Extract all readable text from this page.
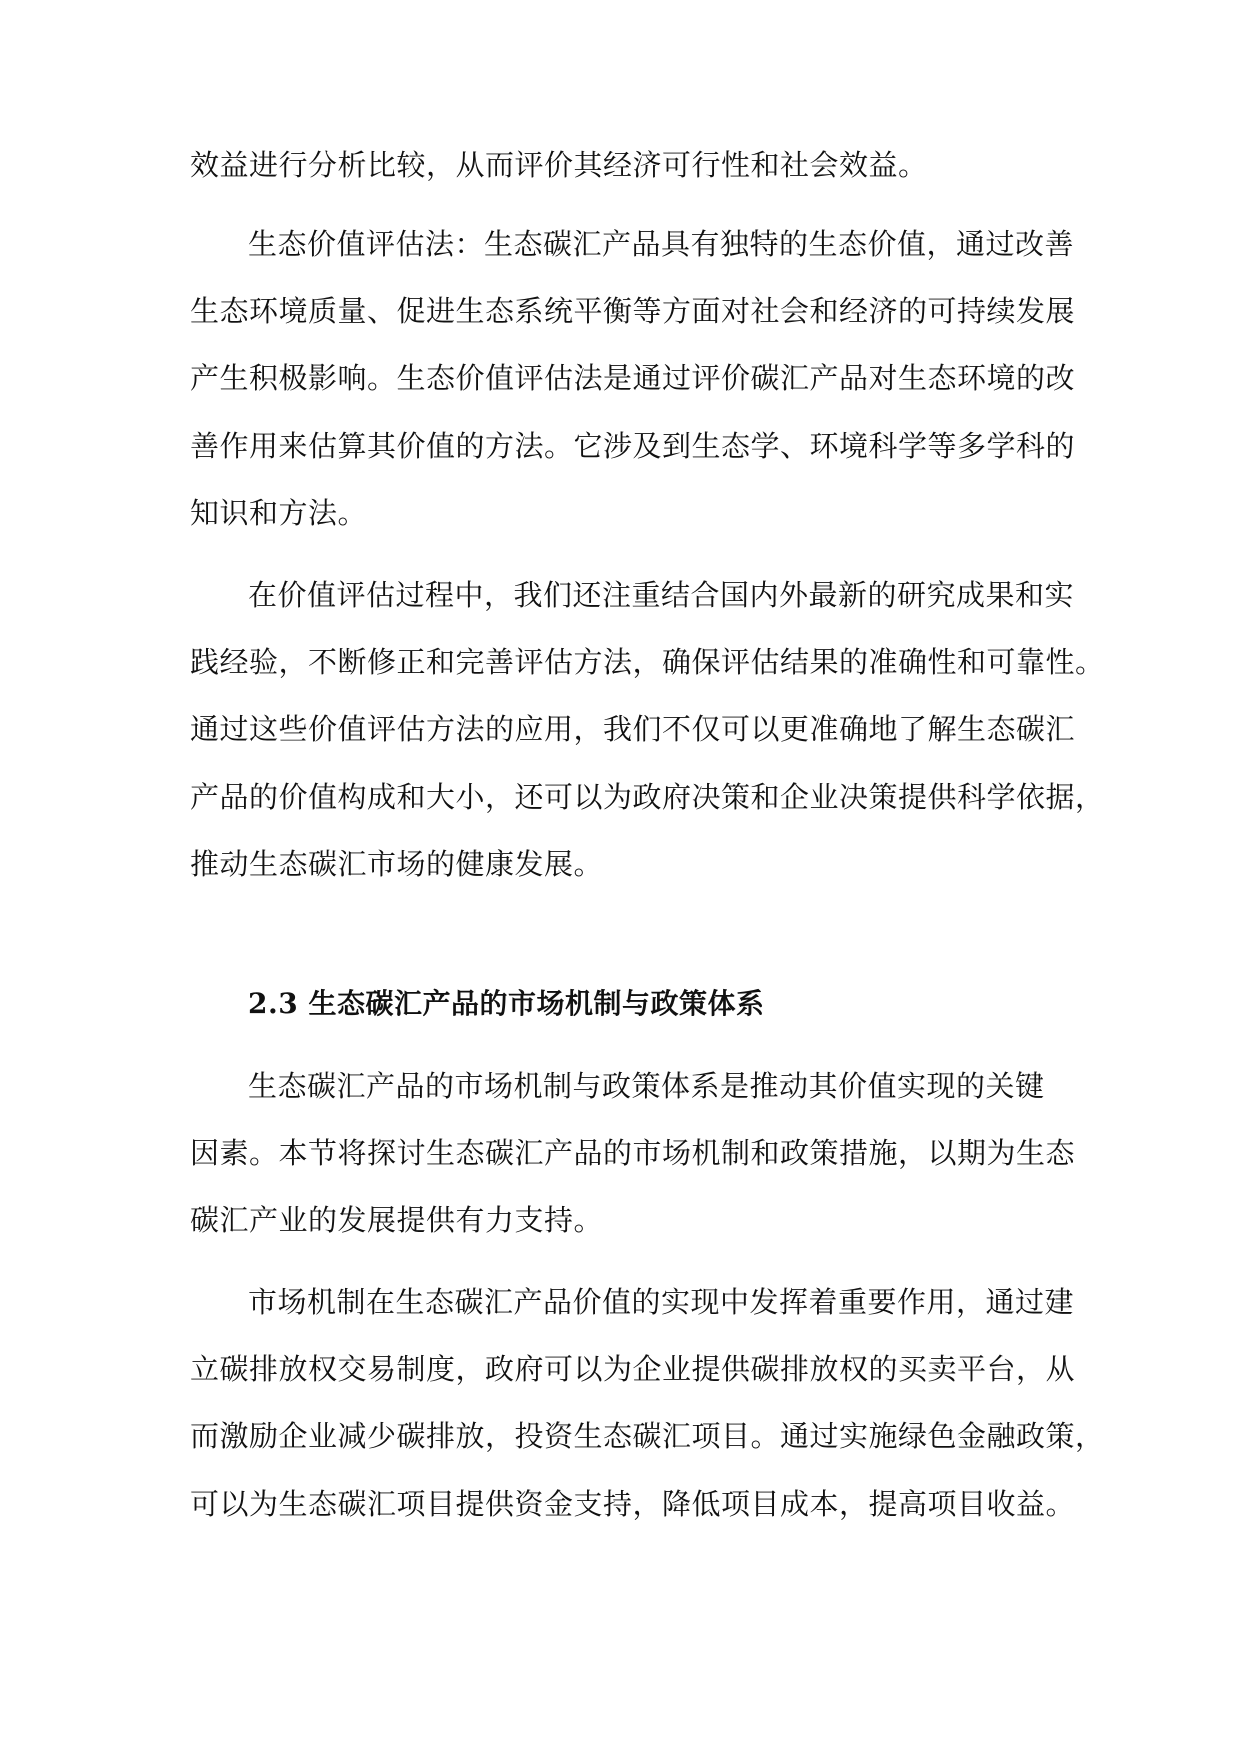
效益进行分析比较，从而评价其经济可行性和社会效益。
生态价值评估法：生态碳汇产品具有独特的生态价值，通过改善
生态环境质量、促进生态系统平衡等方面对社会和经济的可持续发展
产生积极影响。生态价值评估法是通过评价碳汇产品对生态环境的改
善作用来估算其价值的方法。它涉及到生态学、环境科学等多学科的
知识和方法。
在价值评估过程中，我们还注重结合国内外最新的研究成果和实
践经验，不断修正和完善评估方法，确保评估结果的准确性和可靠性。
通过这些价值评估方法的应用，我们不仅可以更准确地了解生态碳汇
产品的价值构成和大小，还可以为政府决策和企业决策提供科学依据，
推动生态碳汇市场的健康发展。
2.3 生态碳汇产品的市场机制与政策体系
生态碳汇产品的市场机制与政策体系是推动其价值实现的关键
因素。本节将探讨生态碳汇产品的市场机制和政策措施，以期为生态
碳汇产业的发展提供有力支持。
市场机制在生态碳汇产品价值的实现中发挥着重要作用，通过建
立碳排放权交易制度，政府可以为企业提供碳排放权的买卖平台，从
而激励企业减少碳排放，投资生态碳汇项目。通过实施绿色金融政策，
可以为生态碳汇项目提供资金支持，降低项目成本，提高项目收益。
